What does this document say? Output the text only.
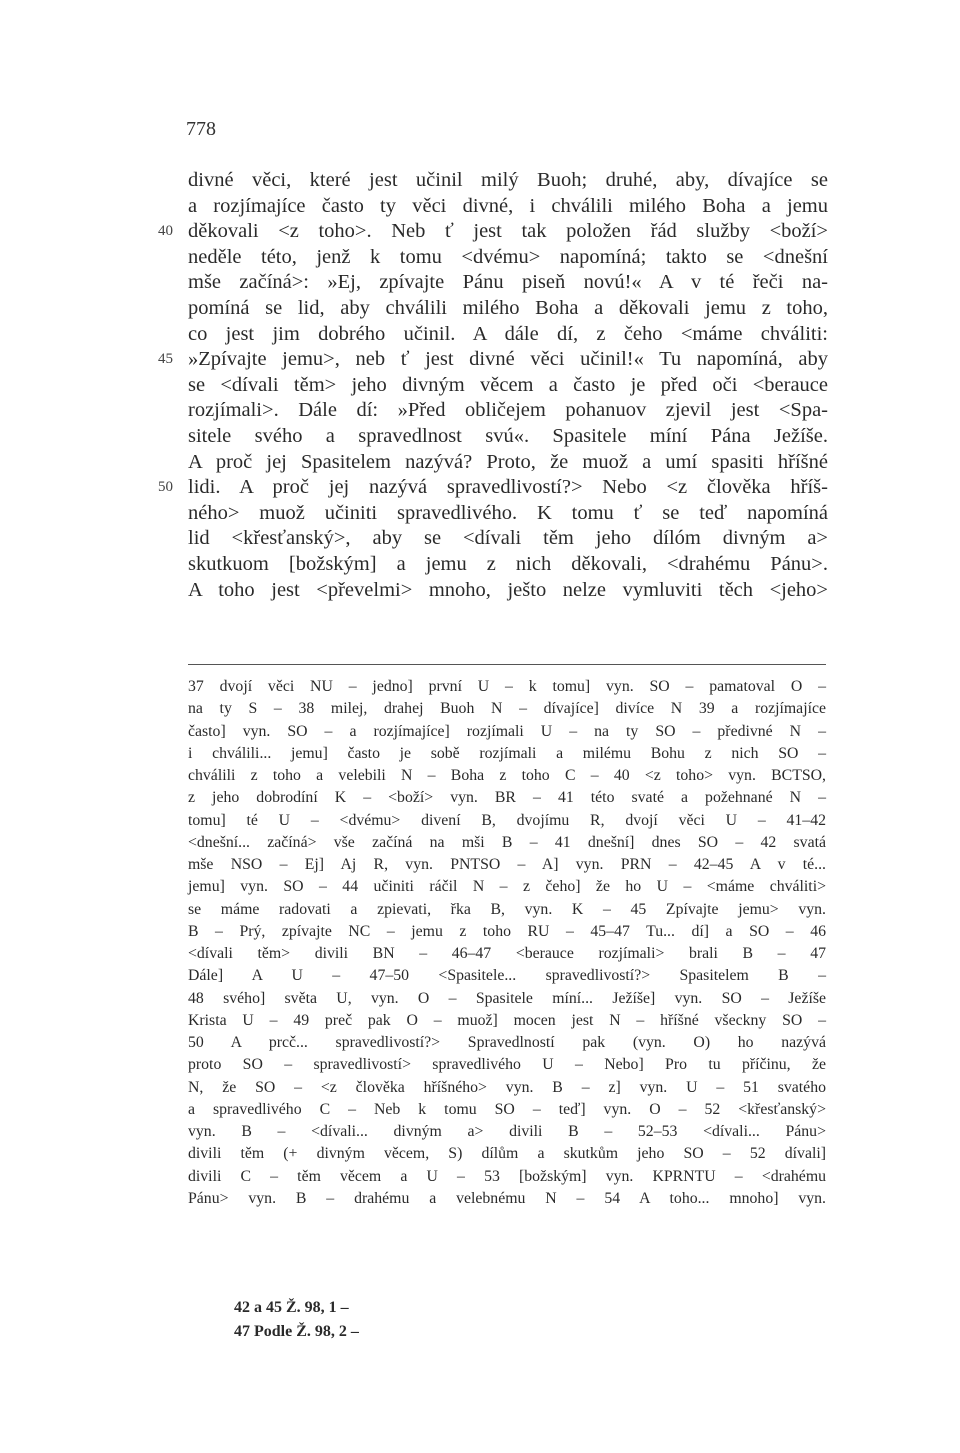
778
divné věci, které jest učinil milý Buoh; druhé, aby, dívajíce se
a rozjímajíce často ty věci divné, i chválili milého Boha a jemu
40 děkovali <z toho>. Neb ť jest tak položen řád služby <boží>
neděle této, jenž k tomu <dvému> napomíná; takto se <dnešní
mše začíná>: »Ej, zpívajte Pánu piseň novú!« A v té řeči na-
pomíná se lid, aby chválili milého Boha a děkovali jemu z toho,
co jest jim dobrého učinil. A dále dí, z čeho <máme chváliti:
45 »Zpívajte jemu>, neb ť jest divné věci učinil!« Tu napomíná, aby
se <dívali těm> jeho divným věcem a často je před oči <berauce
rozjímali>. Dále dí: »Před obličejem pohanuov zjevil jest <Spa-
sitele svého a spravedlnost svú«. Spasitele míní Pána Ježíše.
A proč jej Spasitelem nazývá? Proto, že muož a umí spasiti hříšné
50 lidi. A proč jej nazývá spravedlivostí?> Nebo <z člověka hříš-
ného> muož učiniti spravedlivého. K tomu ť se teď napomíná
lid <křesťanský>, aby se <dívali těm jeho dílóm divným a>
skutkuom [božským] a jemu z nich děkovali, <drahému Pánu>.
A toho jest <převelmi> mnoho, ješto nelze vymluviti těch <jeho>
37 dvojí věci NU – jedno] první U – k tomu] vyn. SO – pamatoval O –
na ty S – 38 milej, drahej Buoh N – dívajíce] divíce N 39 a rozjímajíce
často] vyn. SO – a rozjímajíce] rozjímali U – na ty SO – předivné N –
i chválili... jemu] často je sobě rozjímali a milému Bohu z nich SO –
chválili z toho a velebili N – Boha z toho C – 40 <z toho> vyn. BCTSO,
z jeho dobrodíní K – <boží> vyn. BR – 41 této svaté a požehnané N –
tomu] té U – <dvému> divení B, dvojímu R, dvojí věci U – 41–42
<dnešní... začíná> vše začíná na mši B – 41 dnešní] dnes SO – 42 svatá
mše NSO – Ej] Aj R, vyn. PNTSO – A] vyn. PRN – 42–45 A v té...
jemu] vyn. SO – 44 učiniti ráčil N – z čeho] že ho U – <máme chváliti>
se máme radovati a zpievati, řka B, vyn. K – 45 Zpívajte jemu> vyn.
B – Prý, zpívajte NC – jemu z toho RU – 45–47 Tu... dí] a SO – 46
<dívali těm> divili BN – 46–47 <berauce rozjímali> brali B – 47
Dále] A U – 47–50 <Spasitele... spravedlivostí?> Spasitelem B –
48 svého] světa U, vyn. O – Spasitele míní... Ježíše] vyn. SO – Ježíše
Krista U – 49 preč pak O – muož] mocen jest N – hříšné všeckny SO –
50 A prcč... spravedlivostí?> Spravedlností pak (vyn. O) ho nazývá
proto SO – spravedlivostí> spravedlivého U – Nebo] Pro tu příčinu, že
N, že SO – <z člověka hříšného> vyn. B – z] vyn. U – 51 svatého
a spravedlivého C – Neb k tomu SO – teď] vyn. O – 52 <křesťanský>
vyn. B – <dívali... divným a> divili B – 52–53 <dívali... Pánu>
divili těm (+ divným věcem, S) dílům a skutkům jeho SO – 52 dívali]
divili C – těm věcem a U – 53 [božským] vyn. KPRNTU – <drahému
Pánu> vyn. B – drahému a velebnému N – 54 A toho... mnoho] vyn.
42 a 45 Ž. 98, 1 –
47 Podle Ž. 98, 2 –
